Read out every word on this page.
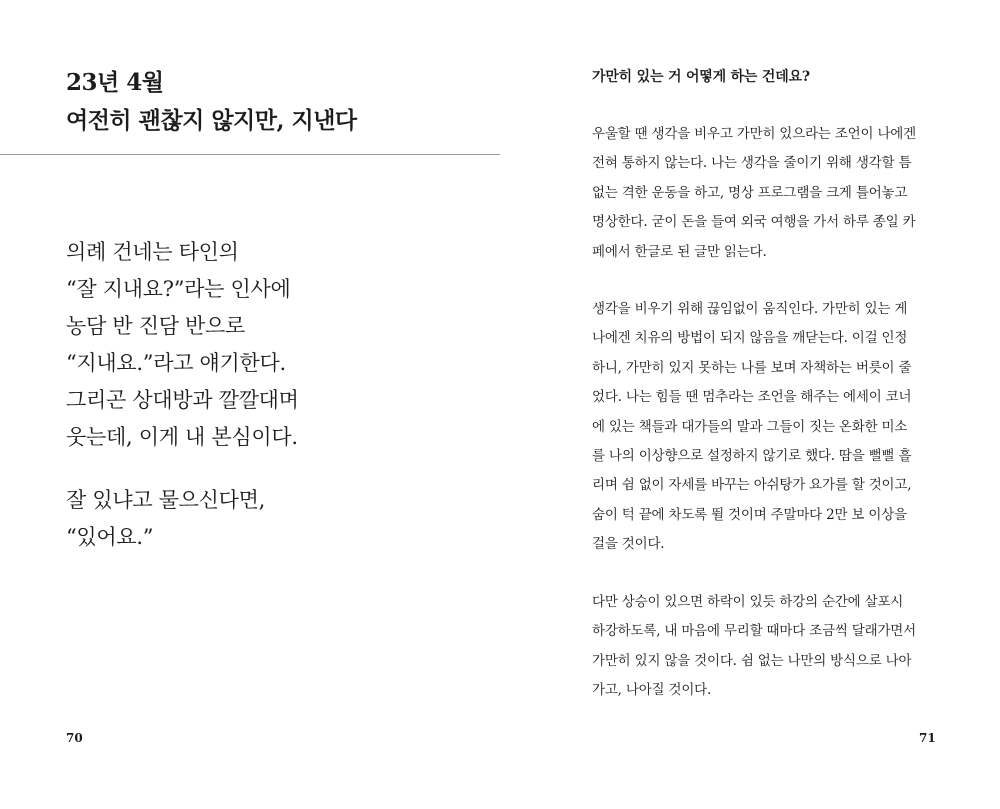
23년 4월
여전히 괜찮지 않지만, 지낸다
의례 건네는 타인의
“잘 지내요?”라는 인사에
농담 반 진담 반으로
“지내요.”라고 얘기한다.
그리곤 상대방과 깔깔대며
웃는데, 이게 내 본심이다.
잘 있냐고 물으신다면,
“있어요.”
70
가만히 있는 거 어떻게 하는 건데요?
우울할 땐 생각을 비우고 가만히 있으라는 조언이 나에겐
전혀 통하지 않는다. 나는 생각을 줄이기 위해 생각할 틈
없는 격한 운동을 하고, 명상 프로그램을 크게 틀어놓고
명상한다. 굳이 돈을 들여 외국 여행을 가서 하루 종일 카
페에서 한글로 된 글만 읽는다.
생각을 비우기 위해 끊임없이 움직인다. 가만히 있는 게
나에겐 치유의 방법이 되지 않음을 깨닫는다. 이걸 인정
하니, 가만히 있지 못하는 나를 보며 자책하는 버릇이 줄
었다. 나는 힘들 땐 멈추라는 조언을 해주는 에세이 코너
에 있는 책들과 대가들의 말과 그들이 짓는 온화한 미소
를 나의 이상향으로 설정하지 않기로 했다. 땀을 뻘뻘 흘
리며 쉼 없이 자세를 바꾸는 아쉬탕가 요가를 할 것이고,
숨이 턱 끝에 차도록 뛸 것이며 주말마다 2만 보 이상을
걸을 것이다.
다만 상승이 있으면 하락이 있듯 하강의 순간에 살포시
하강하도록, 내 마음에 무리할 때마다 조금씩 달래가면서
가만히 있지 않을 것이다. 쉼 없는 나만의 방식으로 나아
가고, 나아질 것이다.
71
